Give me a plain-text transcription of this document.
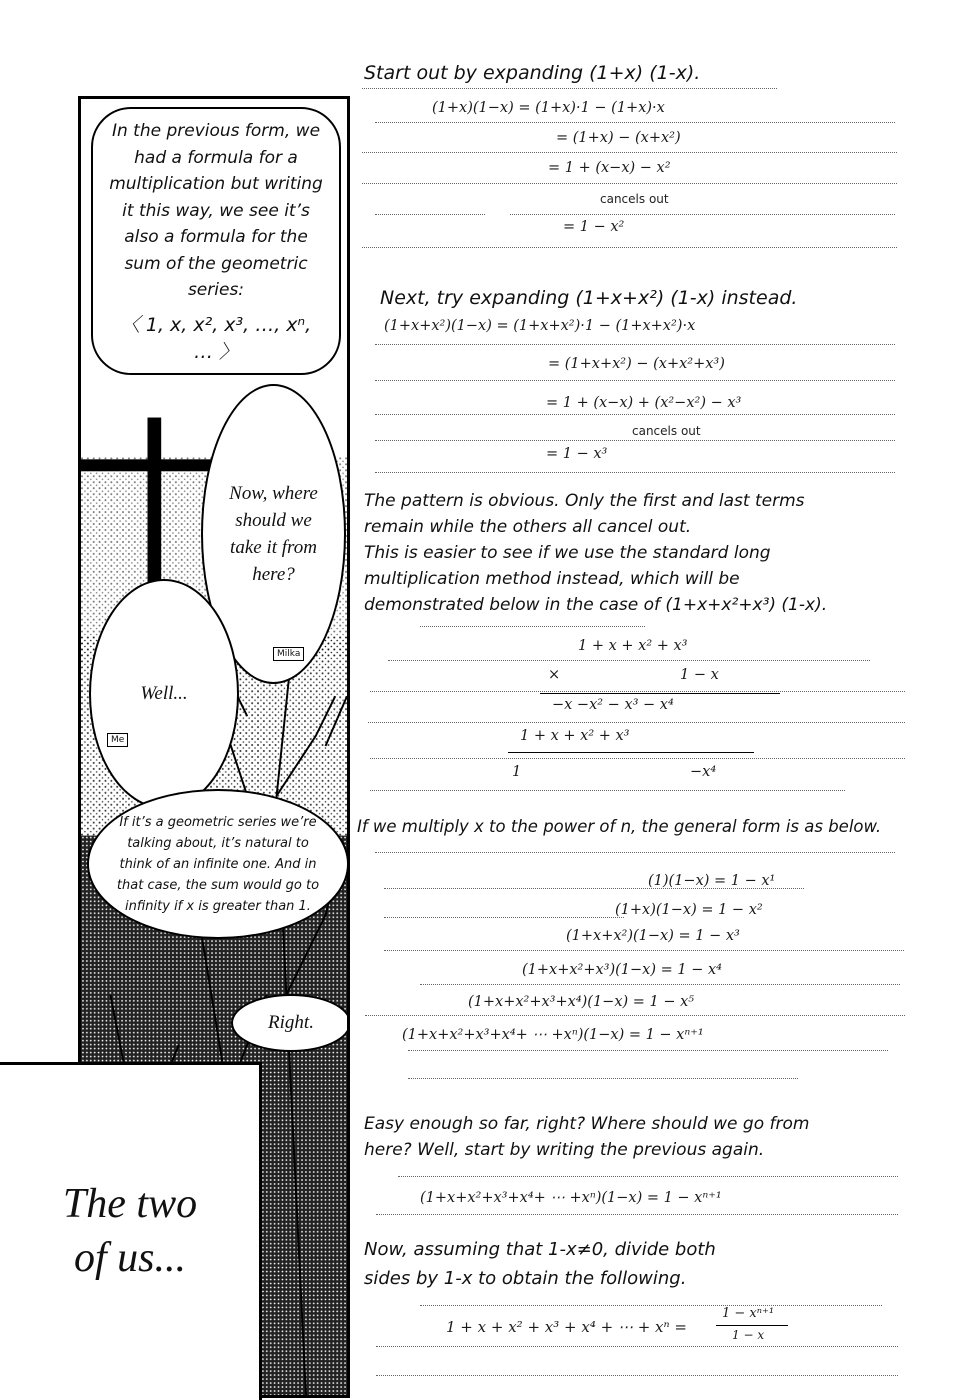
In the previous form, we had a formula for a multiplication but writing it this way, we see it’s also a formula for the sum of the geometric series:
〈 1, x, x², x³, …, xⁿ, … 〉
Now, where should we take it from here?
Milka
Well...
Me
If it’s a geometric series we’re talking about, it’s natural to think of an infinite one. And in that case, the sum would go to infinity if x is greater than 1.
Right.
The two of us...
Start out by expanding (1+x) (1-x).
(1+x)(1−x) = (1+x)·1 − (1+x)·x
= (1+x) − (x+x²)
= 1 + (x−x) − x²
cancels out
= 1 − x²
Next, try expanding (1+x+x²) (1-x) instead.
(1+x+x²)(1−x) = (1+x+x²)·1 − (1+x+x²)·x
= (1+x+x²) − (x+x²+x³)
= 1 + (x−x) + (x²−x²) − x³
cancels out
= 1 − x³
The pattern is obvious. Only the first and last terms
remain while the others all cancel out.
This is easier to see if we use the standard long
multiplication method instead, which will be
demonstrated below in the case of (1+x+x²+x³) (1-x).
1 + x + x² + x³
×	1 − x
−x −x² − x³ − x⁴
1 + x + x² + x³
1	−x⁴
If we multiply x to the power of n, the general form is as below.
(1)(1−x) = 1 − x¹
(1+x)(1−x) = 1 − x²
(1+x+x²)(1−x) = 1 − x³
(1+x+x²+x³)(1−x) = 1 − x⁴
(1+x+x²+x³+x⁴)(1−x) = 1 − x⁵
(1+x+x²+x³+x⁴+ ⋯ +xⁿ)(1−x) = 1 − xⁿ⁺¹
Easy enough so far, right? Where should we go from
here? Well, start by writing the previous again.
(1+x+x²+x³+x⁴+ ⋯ +xⁿ)(1−x) = 1 − xⁿ⁺¹
Now, assuming that 1-x≠0, divide both
sides by 1-x to obtain the following.
1 + x + x² + x³ + x⁴ + ⋯ + xⁿ =
1 − xⁿ⁺¹
1 − x
